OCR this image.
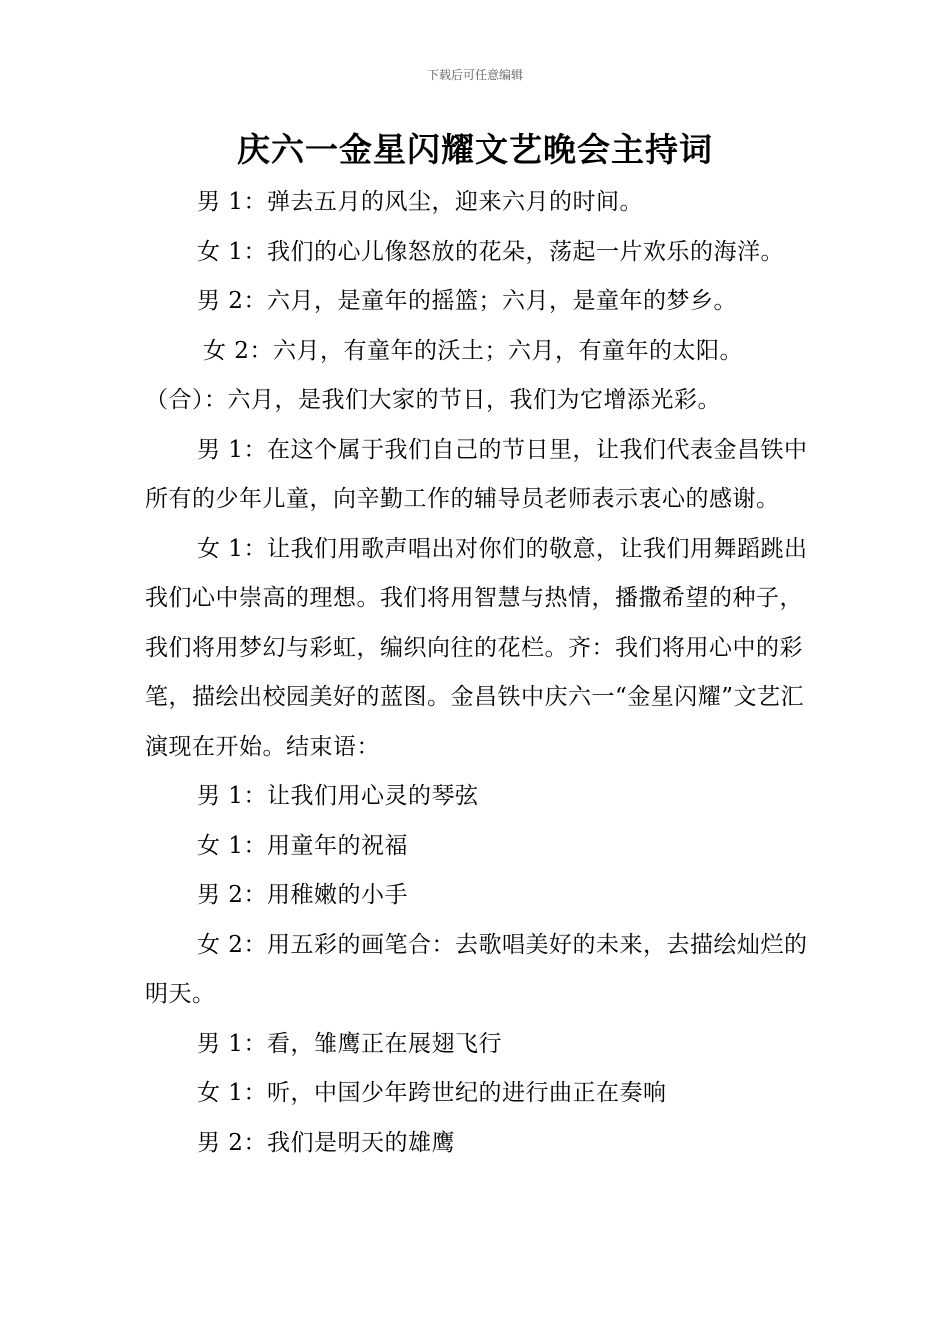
下载后可任意编辑
庆六一金星闪耀文艺晚会主持词

男 1：弹去五月的风尘，迎来六月的时间。

女 1：我们的心儿像怒放的花朵，荡起一片欢乐的海洋。

男 2：六月，是童年的摇篮；六月，是童年的梦乡。

女 2：六月，有童年的沃土；六月，有童年的太阳。

（合）：六月，是我们大家的节日，我们为它增添光彩。

男 1：在这个属于我们自己的节日里，让我们代表金昌铁中所有的少年儿童，向辛勤工作的辅导员老师表示衷心的感谢。

女 1：让我们用歌声唱出对你们的敬意，让我们用舞蹈跳出我们心中崇高的理想。我们将用智慧与热情，播撒希望的种子，我们将用梦幻与彩虹，编织向往的花栏。齐：我们将用心中的彩笔，描绘出校园美好的蓝图。金昌铁中庆六一“金星闪耀”文艺汇演现在开始。结束语：

男 1：让我们用心灵的琴弦

女 1：用童年的祝福

男 2：用稚嫩的小手

女 2：用五彩的画笔合：去歌唱美好的未来，去描绘灿烂的明天。

男 1：看，雏鹰正在展翅飞行

女 1：听，中国少年跨世纪的进行曲正在奏响

男 2：我们是明天的雄鹰
